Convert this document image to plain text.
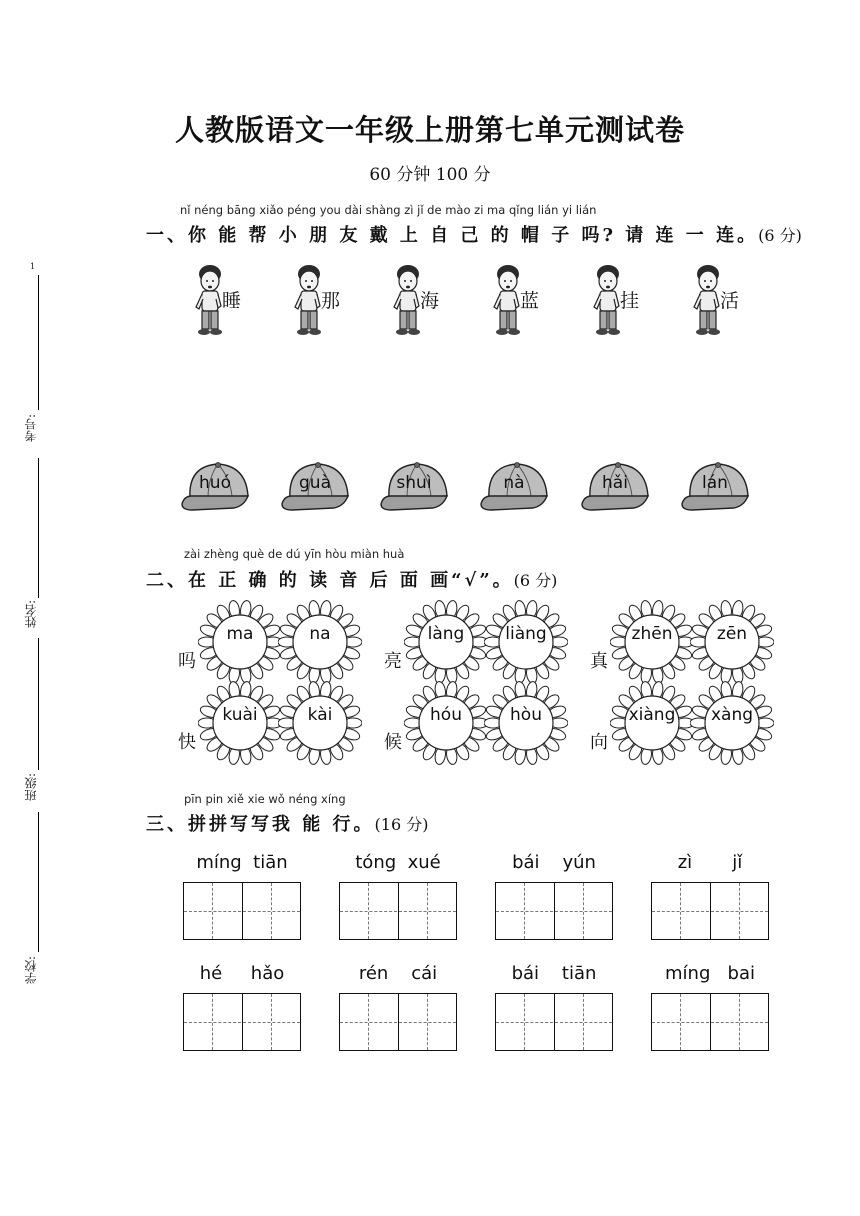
人教版语文一年级上册第七单元测试卷
60 分钟 100 分
1
考号:
姓名:
班级:
学校:
nǐ néng bāng xiǎo péng you dài shàng zì jǐ de mào zi ma qǐng lián yi lián
一、你 能 帮 小 朋 友 戴 上 自 己 的 帽 子 吗? 请 连 一 连。(6 分)
睡	那	海	蓝	挂	活
huó	guà	shuì	nà	hǎi	lán
zài zhèng què de dú yīn hòu miàn huà
二、在 正 确 的 读 音 后 面 画“√”。(6 分)
吗
ma	na
亮
làng	liàng
真
zhēn	zēn
快
kuài	kài
候
hóu	hòu
向
xiàng	xàng
pīn pin xiě xie wǒ néng xíng
三、拼拼写写我 能 行。(16 分)
míng  tiān	tóng  xué	bái    yún	zì       jǐ
hé     hǎo	rén    cái	bái    tiān	míng   bai
